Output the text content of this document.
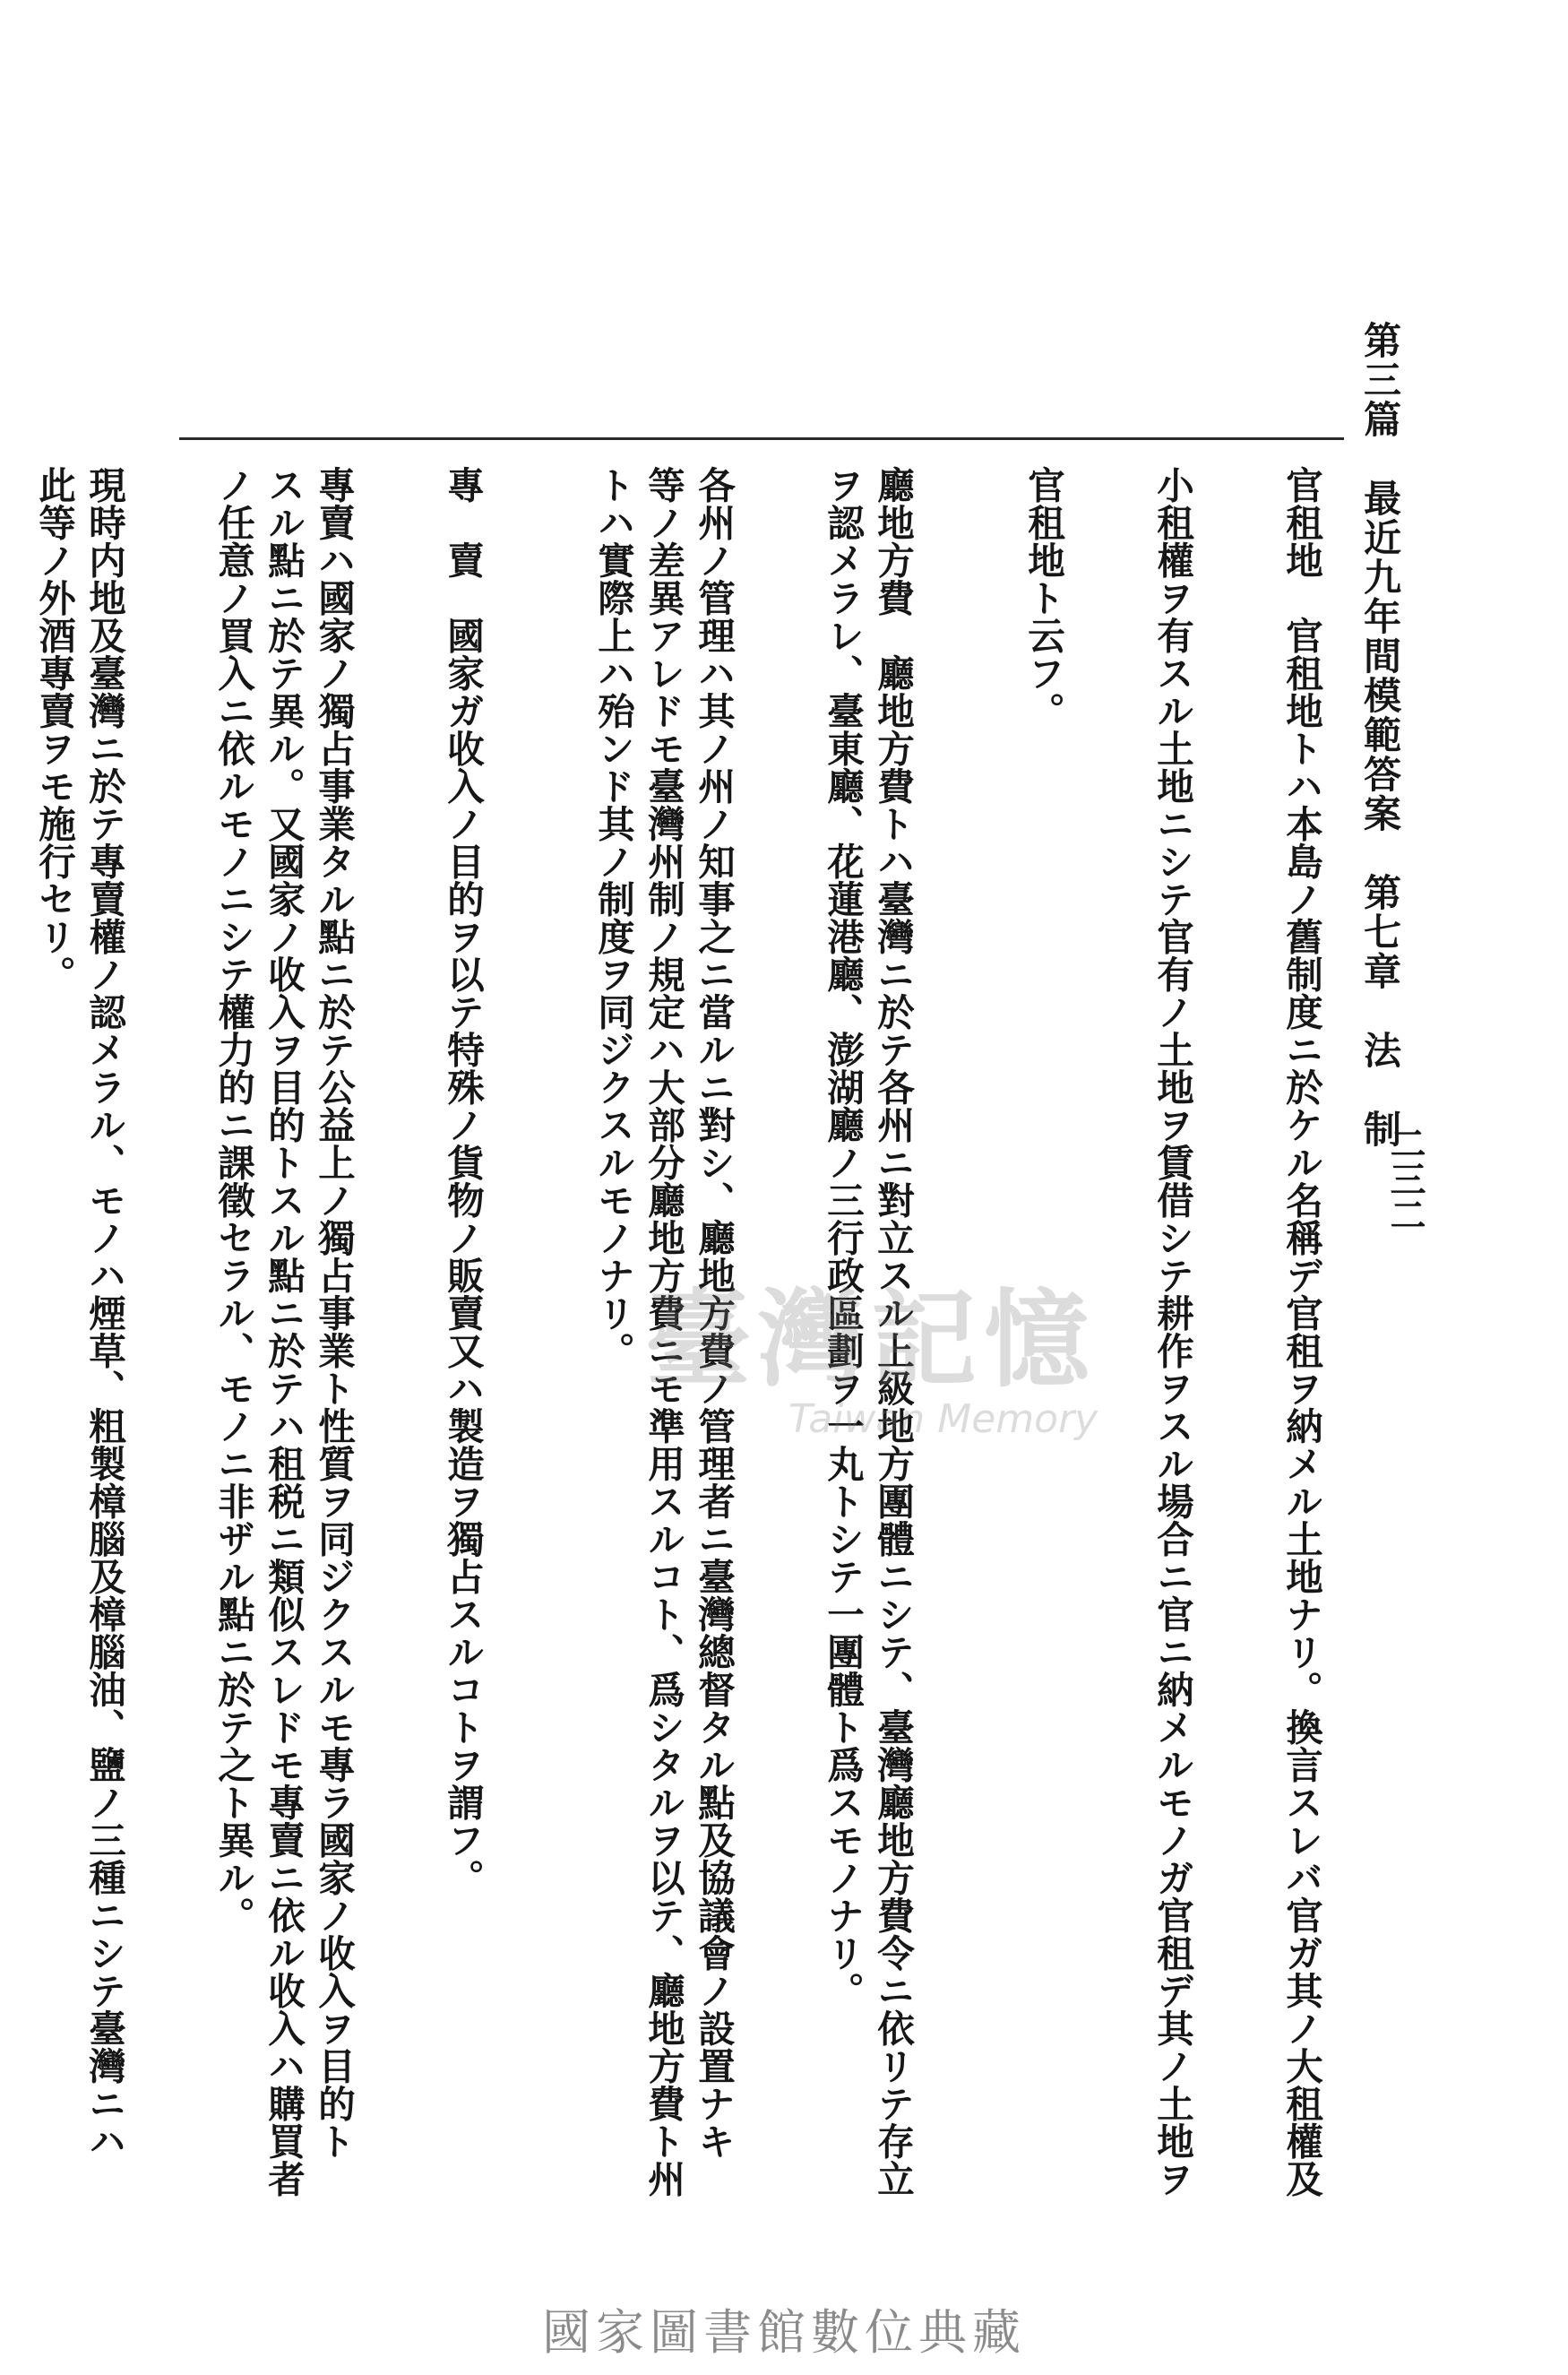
第三篇　最近九年間模範答案　第七章　法　制
二三二
官租地　官租地トハ本島ノ舊制度ニ於ケル名稱デ官租ヲ納メル土地ナリ。換言スレバ官ガ其ノ大租權及
小租權ヲ有スル土地ニシテ官有ノ土地ヲ賃借シテ耕作ヲスル場合ニ官ニ納メルモノガ官租デ其ノ土地ヲ
官租地ト云フ。
廳地方費　廳地方費トハ臺灣ニ於テ各州ニ對立スル上級地方團體ニシテ、臺灣廳地方費令ニ依リテ存立
ヲ認メラレ、臺東廳、花蓮港廳、澎湖廳ノ三行政區劃ヲ一丸トシテ一團體ト爲スモノナリ。
各州ノ管理ハ其ノ州ノ知事之ニ當ルニ對シ、廳地方費ノ管理者ニ臺灣總督タル點及協議會ノ設置ナキ
等ノ差異アレドモ臺灣州制ノ規定ハ大部分廳地方費ニモ準用スルコト、爲シタルヲ以テ、廳地方費ト州
トハ實際上ハ殆ンド其ノ制度ヲ同ジクスルモノナリ。
專　賣　國家ガ收入ノ目的ヲ以テ特殊ノ貨物ノ販賣又ハ製造ヲ獨占スルコトヲ謂フ。
專賣ハ國家ノ獨占事業タル點ニ於テ公益上ノ獨占事業ト性質ヲ同ジクスルモ專ラ國家ノ收入ヲ目的ト
スル點ニ於テ異ル。又國家ノ收入ヲ目的トスル點ニ於テハ租税ニ類似スレドモ專賣ニ依ル收入ハ購買者
ノ任意ノ買入ニ依ルモノニシテ權力的ニ課徵セラル、モノニ非ザル點ニ於テ之ト異ル。
現時内地及臺灣ニ於テ專賣權ノ認メラル、モノハ煙草、粗製樟腦及樟腦油、鹽ノ三種ニシテ臺灣ニハ
此等ノ外酒專賣ヲモ施行セリ。
臺灣記憶
Taiwan Memory
國家圖書館數位典藏
